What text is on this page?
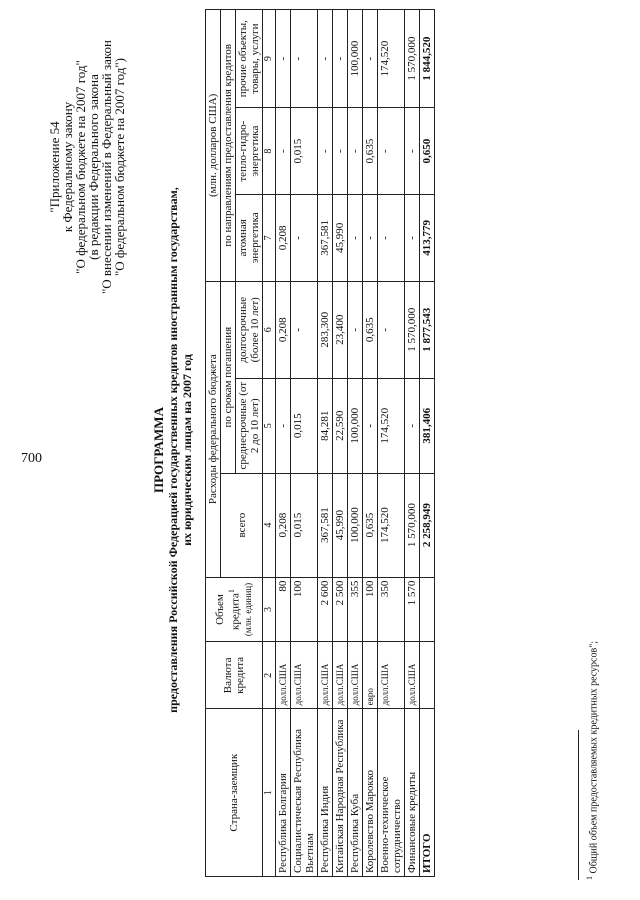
700
"Приложение 54
к Федеральному закону
"О федеральном бюджете на 2007 год"
(в редакции Федерального закона
"О внесении изменений в Федеральный закон
"О федеральном бюджете на 2007 год")
ПРОГРАММА предоставления Российской Федерацией государственных кредитов иностранным государствам, их юридическим лицам на 2007 год
Страна-заемщик	Валюта кредита	Объем кредита$^1$ (млн. единиц)	Расходы федерального бюджета			(млн. долларов США)		
			всего	по срокам погашения		по направлениям предоставления кредитов		
				среднесрочные (от 2 до 10 лет)	долгосрочные (более 10 лет)	атомная энергетика	тепло-гидро-энергетика	прочие объекты, товары, услуги

1	2	3	4	5	6	7	8	9
Республика Болгария	долл.США	80	0,208	-	0,208	0,208	-	-
Социалистическая Республика Вьетнам	долл.США	100	0,015	0,015	-	-	0,015	-
Республика Индия	долл.США	2 600	367,581	84,281	283,300	367,581	-	-
Китайская Народная Республика	долл.США	2 500	45,990	22,590	23,400	45,990	-	-
Республика Куба	долл.США	355	100,000	100,000	-	-	-	100,000
Королевство Марокко	евро	100	0,635	-	0,635	-	0,635	-
Военно-техническое сотрудничество	долл.США	350	174,520	174,520	-	-	-	174,520
Финансовые кредиты	долл.США	1 570	1 570,000	-	1 570,000	-	-	1 570,000
ИТОГО			2 258,949	381,406	1 877,543	413,779	0,650	1 844,520
$^1$ Общий объем предоставляемых кредитных ресурсов";
